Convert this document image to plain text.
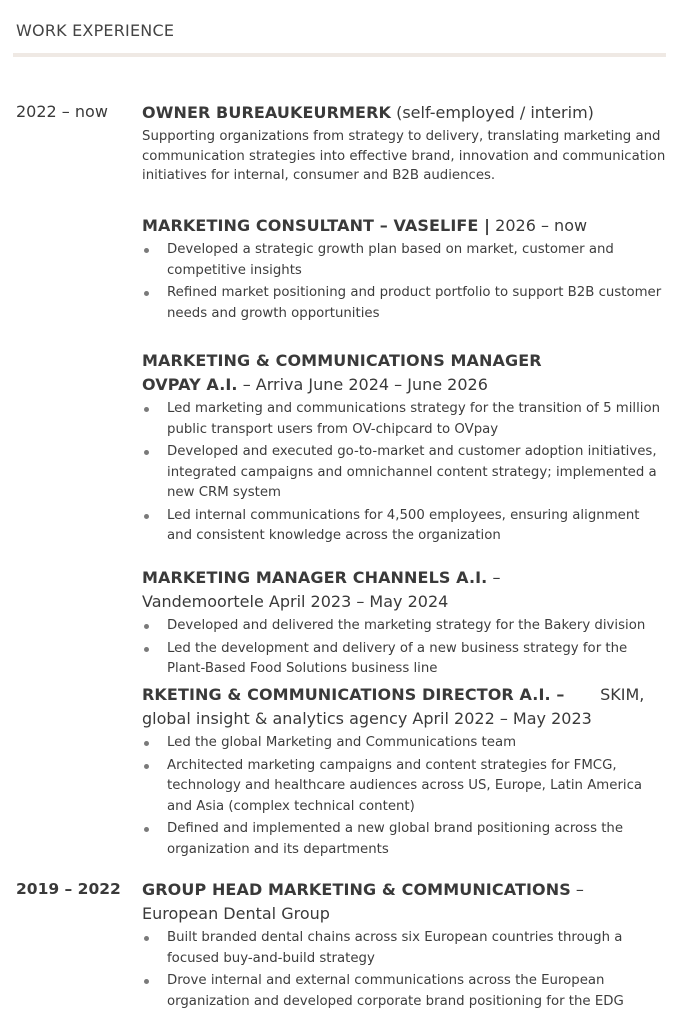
WORK EXPERIENCE
2022 – now OWNER BUREAUKEURMERK (self-employed / interim)
Supporting organizations from strategy to delivery, translating marketing and communication strategies into effective brand, innovation and communication initiatives for internal, consumer and B2B audiences.
MARKETING CONSULTANT – VASELIFE | 2026 – now
Developed a strategic growth plan based on market, customer and competitive insights
Refined market positioning and product portfolio to support B2B customer needs and growth opportunities
MARKETING & COMMUNICATIONS MANAGER
OVPAY A.I. – Arriva June 2024 – June 2026
Led marketing and communications strategy for the transition of 5 million public transport users from OV-chipcard to OVpay
Developed and executed go-to-market and customer adoption initiatives, integrated campaigns and omnichannel content strategy; implemented a new CRM system
Led internal communications for 4,500 employees, ensuring alignment and consistent knowledge across the organization
MARKETING MANAGER CHANNELS A.I. –
Vandemoortele April 2023 – May 2024
Developed and delivered the marketing strategy for the Bakery division
Led the development and delivery of a new business strategy for the Plant-Based Food Solutions business line
RKETING & COMMUNICATIONS DIRECTOR A.I. –       SKIM,
global insight & analytics agency April 2022 – May 2023
Led the global Marketing and Communications team
Architected marketing campaigns and content strategies for FMCG, technology and healthcare audiences across US, Europe, Latin America and Asia (complex technical content)
Defined and implemented a new global brand positioning across the organization and its departments
2019 – 2022 GROUP HEAD MARKETING & COMMUNICATIONS –
European Dental Group
Built branded dental chains across six European countries through a focused buy-and-build strategy
Drove internal and external communications across the European organization and developed corporate brand positioning for the EDG
